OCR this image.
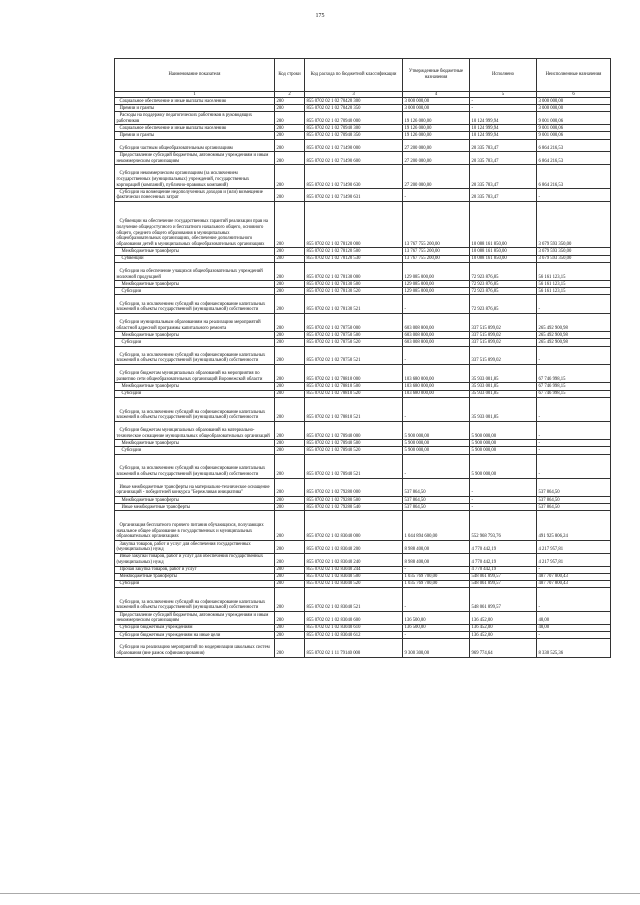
175
Наименование показателя	Код строки	Код расхода по бюджетной классификации	Утвержденные бюджетные назначения	Исполнено	Неисполненные назначения
1	2	3	4	5	6
Социальное обеспечение и иные выплаты населению	200	855 0702 02 1 02 70420 300	3 000 000,00	-	3 000 000,00
Премии и гранты	200	855 0702 02 1 02 70420 350	3 000 000,00	-	3 000 000,00
Расходы на поддержку педагогических работников в руководящих работников	200	855 0702 02 1 02 70940 000	19 126 000,00	10 124 999,94	9 001 000,06
Социальное обеспечение и иные выплаты населению	200	855 0702 02 1 02 70940 300	19 126 000,00	10 124 999,94	9 001 000,06
Премии и гранты	200	855 0702 02 1 02 70940 350	19 126 000,00	10 124 999,94	9 001 000,06
Субсидии частным общеобразовательным организациям	200	855 0702 02 1 02 71490 000	27 200 000,00	20 335 783,47	6 864 216,53
Предоставление субсидий бюджетным, автономным учреждениям и иным некоммерческим организациям	200	855 0702 02 1 02 71490 600	27 200 000,00	20 335 783,47	6 864 216,53
Субсидии некоммерческим организациям (за исключением государственных (муниципальных) учреждений, государственных корпораций (компаний), публично-правовых компаний)	200	855 0702 02 1 02 71490 630	27 200 000,00	20 335 783,47	6 864 216,53
Субсидии на возмещение недополученных доходов и (или) возмещение фактически понесенных затрат	200	855 0702 02 1 02 71490 631	-	20 335 783,47	-
Субвенции на обеспечение государственных гарантий реализации прав на получение общедоступного и бесплатного начального общего, основного общего, среднего общего образования в муниципальных общеобразовательных организациях, обеспечение дополнительного образования детей в муниципальных общеобразовательных организациях	200	855 0702 02 1 02 78120 000	13 767 755 200,00	10 088 161 850,00	3 679 593 350,00
Межбюджетные трансферты	200	855 0702 02 1 02 78120 500	13 767 755 200,00	10 088 161 850,00	3 679 593 350,00
Субвенции	200	855 0702 02 1 02 78120 530	13 767 755 200,00	10 088 161 850,00	3 679 593 350,00
Субсидии на обеспечение учащихся общеобразовательных учреждений молочной продукцией	200	855 0702 02 1 02 78130 000	129 085 000,00	72 923 876,85	56 161 123,15
Межбюджетные трансферты	200	855 0702 02 1 02 78130 500	129 085 000,00	72 923 876,85	56 161 123,15
Субсидии	200	855 0702 02 1 02 78130 520	129 085 000,00	72 923 876,85	56 161 123,15
Субсидии, за исключением субсидий на софинансирование капитальных вложений в объекты государственной (муниципальной) собственности	200	855 0702 02 1 02 78130 521	-	72 923 876,85	-
Субсидии муниципальным образованиям на реализацию мероприятий областной адресной программы капитального ремонта	200	855 0702 02 1 02 78750 000	603 008 800,00	337 515 899,02	265 492 900,98
Межбюджетные трансферты	200	855 0702 02 1 02 78750 500	603 008 800,00	337 515 899,02	265 492 900,98
Субсидии	200	855 0702 02 1 02 78750 520	603 008 800,00	337 515 899,02	265 492 900,98
Субсидии, за исключением субсидий на софинансирование капитальных вложений в объекты государственной (муниципальной) собственности	200	855 0702 02 1 02 78750 521	-	337 515 899,02	-
Субсидии бюджетам муниципальных образований на мероприятия по развитию сети общеобразовательных организаций Воронежской области	200	855 0702 02 1 02 78810 000	103 680 000,00	35 933 001,85	67 746 998,15
Межбюджетные трансферты	200	855 0702 02 1 02 78810 500	103 680 000,00	35 933 001,85	67 746 998,15
Субсидии	200	855 0702 02 1 02 78810 520	103 680 000,00	35 933 001,85	67 746 998,15
Субсидии, за исключением субсидий на софинансирование капитальных вложений в объекты государственной (муниципальной) собственности	200	855 0702 02 1 02 78810 521	-	35 933 001,85	-
Субсидии бюджетам муниципальных образований на материально-техническое оснащение муниципальных общеобразовательных организаций	200	855 0702 02 1 02 78940 000	5 900 000,00	5 900 000,00	-
Межбюджетные трансферты	200	855 0702 02 1 02 78940 500	5 900 000,00	5 900 000,00	-
Субсидии	200	855 0702 02 1 02 78940 520	5 900 000,00	5 900 000,00	-
Субсидии, за исключением субсидий на софинансирование капитальных вложений в объекты государственной (муниципальной) собственности	200	855 0702 02 1 02 78940 521	-	5 900 000,00	-
Иные межбюджетные трансферты на материально-техническое оснащение организаций - победителей конкурса "Бережливая инициатива"	200	855 0702 02 1 02 79280 000	537 864,50	-	537 864,50
Межбюджетные трансферты	200	855 0702 02 1 02 79280 500	537 864,50	-	537 864,50
Иные межбюджетные трансферты	200	855 0702 02 1 02 79280 540	537 864,50	-	537 864,50
Организация бесплатного горячего питания обучающихся, получающих начальное общее образование в государственных и муниципальных образовательных организациях	200	855 0702 02 1 02 83040 000	1 044 894 600,00	552 968 793,76	491 925 806,24
Закупка товаров, работ и услуг для обеспечения государственных (муниципальных) нужд	200	855 0702 02 1 02 83040 200	8 988 400,00	4 770 442,19	4 217 957,81
Иные закупки товаров, работ и услуг для обеспечения государственных (муниципальных) нужд	200	855 0702 02 1 02 83040 240	8 988 400,00	4 770 442,19	4 217 957,81
Прочая закупка товаров, работ и услуг	200	855 0702 02 1 02 83040 244	-	4 770 442,19	-
Межбюджетные трансферты	200	855 0702 02 1 02 83040 500	1 035 769 700,00	548 061 899,57	487 707 800,43
Субсидии	200	855 0702 02 1 02 83040 520	1 035 769 700,00	548 061 899,57	487 707 800,43
Субсидии, за исключением субсидий на софинансирование капитальных вложений в объекты государственной (муниципальной) собственности	200	855 0702 02 1 02 83040 521	-	548 061 899,57	-
Предоставление субсидий бюджетным, автономным учреждениям и иным некоммерческим организациям	200	855 0702 02 1 02 83040 600	136 500,00	136 452,00	48,00
Субсидии бюджетным учреждениям	200	855 0702 02 1 02 83040 610	136 500,00	136 452,00	48,00
Субсидии бюджетным учреждениям на иные цели	200	855 0702 02 1 02 83040 612	-	136 452,00	-
Субсидии на реализацию мероприятий по модернизации школьных систем образования (вне рамок софинансирования)	200	855 0702 02 1 11 79140 000	9 300 300,00	969 774,64	8 330 525,36
